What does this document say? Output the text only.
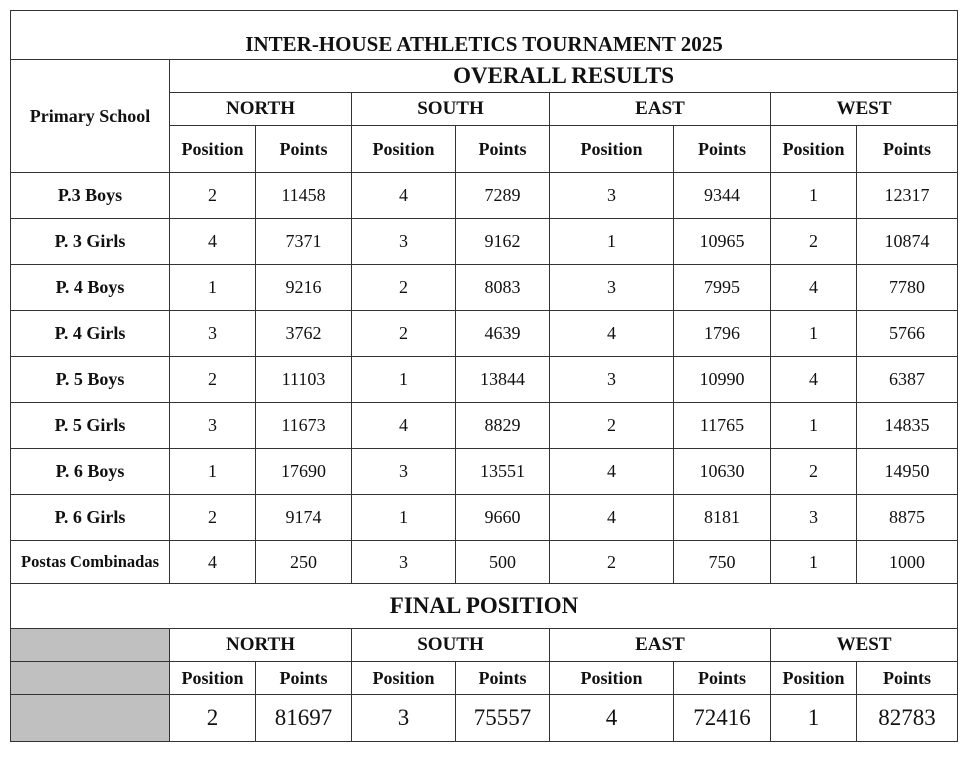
INTER-HOUSE ATHLETICS TOURNAMENT 2025								
Primary School	OVERALL RESULTS							
	NORTH		SOUTH		EAST		WEST	
	Position	Points	Position	Points	Position	Points	Position	Points
P.3 Boys	2	11458	4	7289	3	9344	1	12317
P. 3 Girls	4	7371	3	9162	1	10965	2	10874
P. 4 Boys	1	9216	2	8083	3	7995	4	7780
P. 4 Girls	3	3762	2	4639	4	1796	1	5766
P. 5 Boys	2	11103	1	13844	3	10990	4	6387
P. 5 Girls	3	11673	4	8829	2	11765	1	14835
P. 6 Boys	1	17690	3	13551	4	10630	2	14950
P. 6 Girls	2	9174	1	9660	4	8181	3	8875
Postas Combinadas	4	250	3	500	2	750	1	1000
FINAL POSITION								
	NORTH		SOUTH		EAST		WEST	
	Position	Points	Position	Points	Position	Points	Position	Points
	2	81697	3	75557	4	72416	1	82783
